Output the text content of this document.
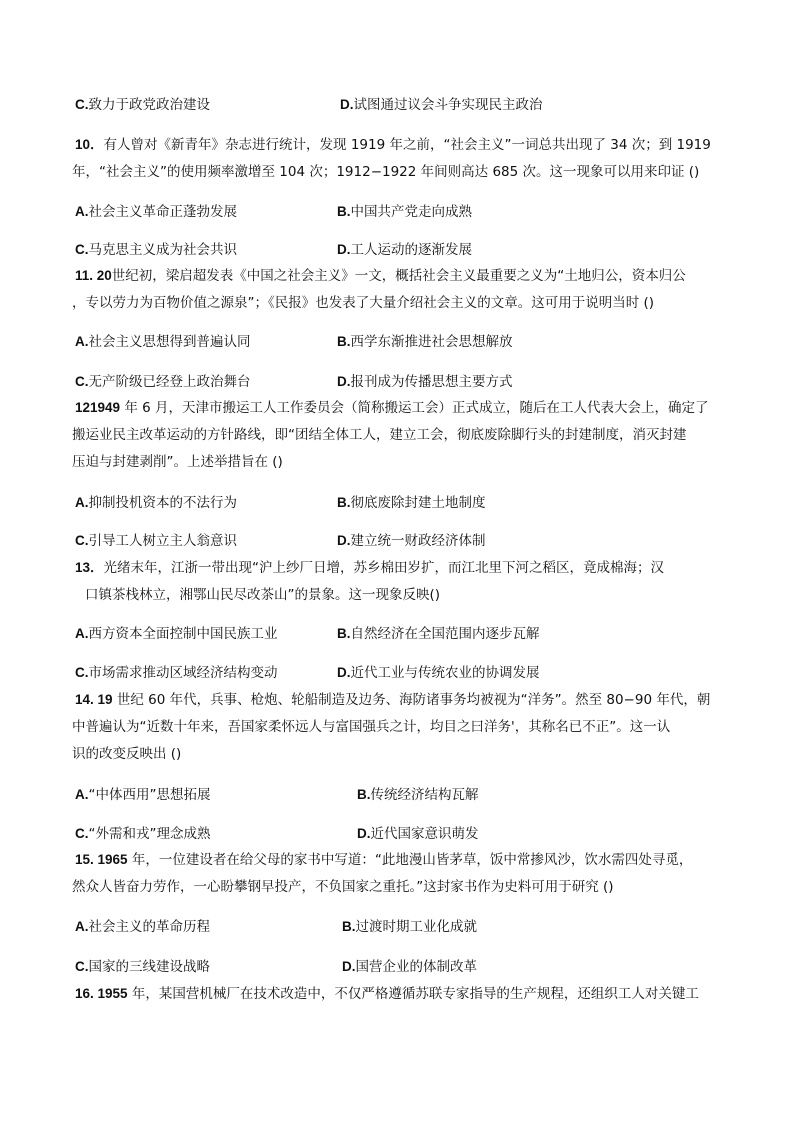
C.致力于政党政治建设	D.试图通过议会斗争实现民主政治
10．有人曾对《新青年》杂志进行统计，发现 1919 年之前，“社会主义”一词总共出现了 34 次；到 1919
年，“社会主义”的使用频率激增至 104 次；1912−1922 年间则高达 685 次。这一现象可以用来印证 ()
A.社会主义革命正蓬勃发展	B.中国共产党走向成熟
C.马克思主义成为社会共识	D.工人运动的逐渐发展
11. 20世纪初，梁启超发表《中国之社会主义》一文，概括社会主义最重要之义为“土地归公，资本归公
，专以劳力为百物价值之源泉”；《民报》也发表了大量介绍社会主义的文章。这可用于说明当时 ()
A.社会主义思想得到普遍认同	B.西学东渐推进社会思想解放
C.无产阶级已经登上政治舞台	D.报刊成为传播思想主要方式
121949 年 6 月，天津市搬运工人工作委员会（简称搬运工会）正式成立，随后在工人代表大会上，确定了
搬运业民主改革运动的方针路线，即“团结全体工人，建立工会，彻底废除脚行头的封建制度，消灭封建
压迫与封建剥削”。上述举措旨在 ()
A.抑制投机资本的不法行为	B.彻底废除封建土地制度
C.引导工人树立主人翁意识	D.建立统一财政经济体制
13．光绪末年，江浙一带出现“沪上纱厂日增，苏乡棉田岁扩，而江北里下河之稻区，竟成棉海；汉
口镇茶栈林立，湘鄂山民尽改茶山”的景象。这一现象反映()
A.西方资本全面控制中国民族工业	B.自然经济在全国范围内逐步瓦解
C.市场需求推动区域经济结构变动	D.近代工业与传统农业的协调发展
14. 19 世纪 60 年代，兵事、枪炮、轮船制造及边务、海防诸事务均被视为“洋务”。然至 80−90 年代，朝
中普遍认为“近数十年来，吾国家柔怀远人与富国强兵之计，均目之曰洋务'，其称名已不正”。这一认
识的改变反映出 ()
A.“中体西用”思想拓展	B.传统经济结构瓦解
C.“外需和戎”理念成熟	D.近代国家意识萌发
15. 1965 年，一位建设者在给父母的家书中写道：“此地漫山皆茅草，饭中常掺风沙，饮水需四处寻觅，
然众人皆奋力劳作，一心盼攀钢早投产，不负国家之重托。”这封家书作为史料可用于研究 ()
A.社会主义的革命历程	B.过渡时期工业化成就
C.国家的三线建设战略	D.国营企业的体制改革
16. 1955 年，某国营机械厂在技术改造中，不仅严格遵循苏联专家指导的生产规程，还组织工人对关键工
